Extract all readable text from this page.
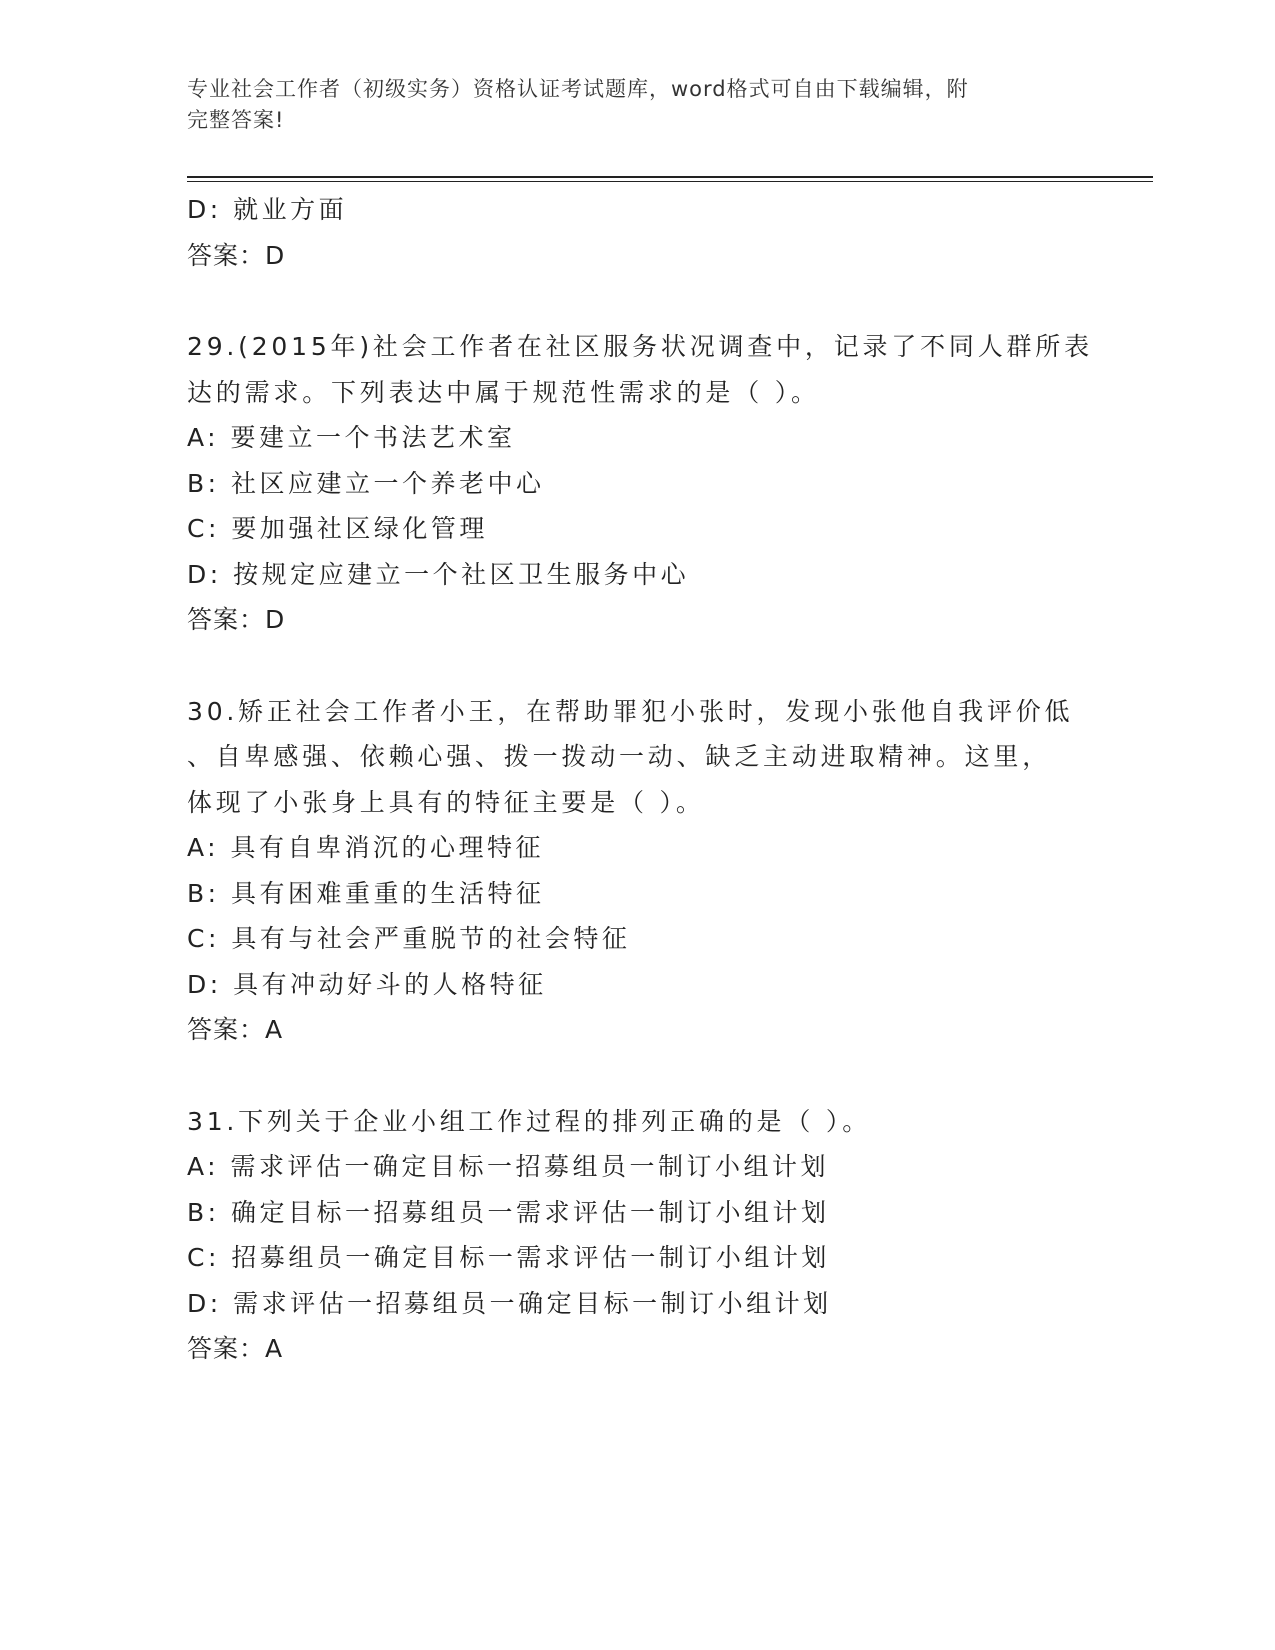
专业社会工作者（初级实务）资格认证考试题库，word格式可自由下载编辑，附
完整答案!
D: 就业方面
答案：D
29.(2015年)社会工作者在社区服务状况调查中，记录了不同人群所表
达的需求。下列表达中属于规范性需求的是（ ）。
A: 要建立一个书法艺术室
B: 社区应建立一个养老中心
C: 要加强社区绿化管理
D: 按规定应建立一个社区卫生服务中心
答案：D
30.矫正社会工作者小王，在帮助罪犯小张时，发现小张他自我评价低
、自卑感强、依赖心强、拨一拨动一动、缺乏主动进取精神。这里，
体现了小张身上具有的特征主要是（ ）。
A: 具有自卑消沉的心理特征
B: 具有困难重重的生活特征
C: 具有与社会严重脱节的社会特征
D: 具有冲动好斗的人格特征
答案：A
31.下列关于企业小组工作过程的排列正确的是（ ）。
A: 需求评估一确定目标一招募组员一制订小组计划
B: 确定目标一招募组员一需求评估一制订小组计划
C: 招募组员一确定目标一需求评估一制订小组计划
D: 需求评估一招募组员一确定目标一制订小组计划
答案：A
